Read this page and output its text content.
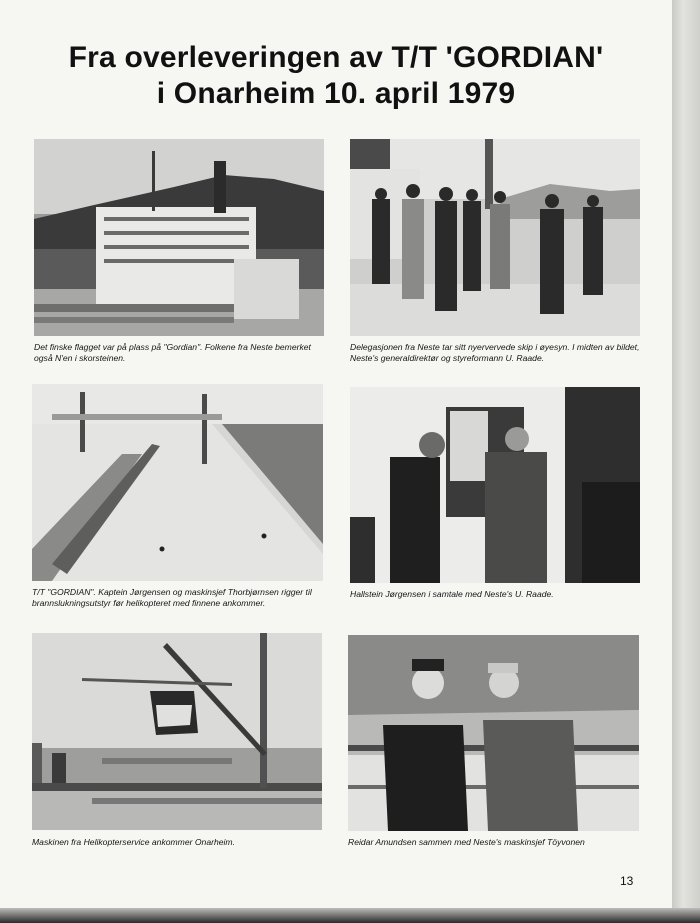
Fra overleveringen av T/T 'GORDIAN'
i Onarheim 10. april 1979
Det finske flagget var på plass på "Gordian". Folkene fra Neste bemerket også N'en i skorsteinen.
Delegasjonen fra Neste tar sitt nyervervede skip i øyesyn. I midten av bildet, Neste's generaldirektør og styreformann U. Raade.
T/T "GORDIAN". Kaptein Jørgensen og maskinsjef Thorbjørnsen rigger til brannslukningsutstyr før helikopteret med finnene ankommer.
Hallstein Jørgensen i samtale med Neste's U. Raade.
Maskinen fra Helikopterservice ankommer Onarheim.	Reidar Amundsen sammen med Neste's maskinsjef Töyvonen
13
